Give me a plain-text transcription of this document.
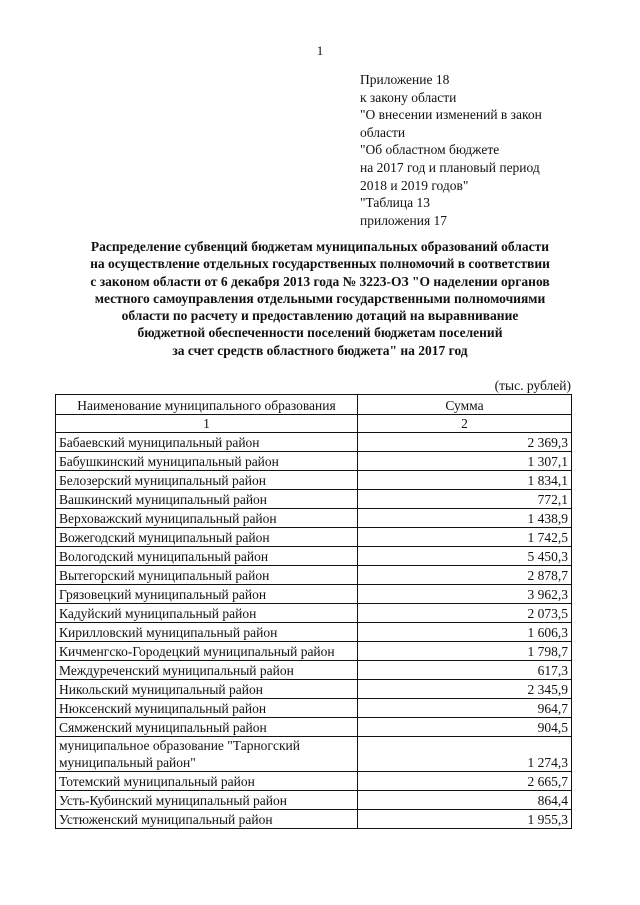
1
Приложение 18
к закону области
"О внесении изменений в закон
области
"Об областном бюджете
на 2017 год и плановый период
2018 и 2019 годов"
"Таблица 13
приложения 17
Распределение субвенций бюджетам муниципальных образований области
на осуществление отдельных государственных полномочий в соответствии
с законом области от 6 декабря 2013 года № 3223-ОЗ "О наделении органов
местного самоуправления отдельными государственными полномочиями
области по расчету и предоставлению дотаций на выравнивание
бюджетной обеспеченности поселений бюджетам поселений
за счет средств областного бюджета" на 2017 год
(тыс. рублей)
Наименование муниципального образования	Сумма
1	2
Бабаевский муниципальный район	2 369,3
Бабушкинский муниципальный район	1 307,1
Белозерский муниципальный район	1 834,1
Вашкинский муниципальный район	772,1
Верховажский муниципальный район	1 438,9
Вожегодский муниципальный район	1 742,5
Вологодский муниципальный район	5 450,3
Вытегорский муниципальный район	2 878,7
Грязовецкий муниципальный район	3 962,3
Кадуйский муниципальный район	2 073,5
Кирилловский муниципальный район	1 606,3
Кичменгско-Городецкий муниципальный район	1 798,7
Междуреченский муниципальный район	617,3
Никольский муниципальный район	2 345,9
Нюксенский муниципальный район	964,7
Сямженский муниципальный район	904,5
муниципальное образование "Тарногский муниципальный район"	1 274,3
Тотемский муниципальный район	2 665,7
Усть-Кубинский муниципальный район	864,4
Устюженский муниципальный район	1 955,3
